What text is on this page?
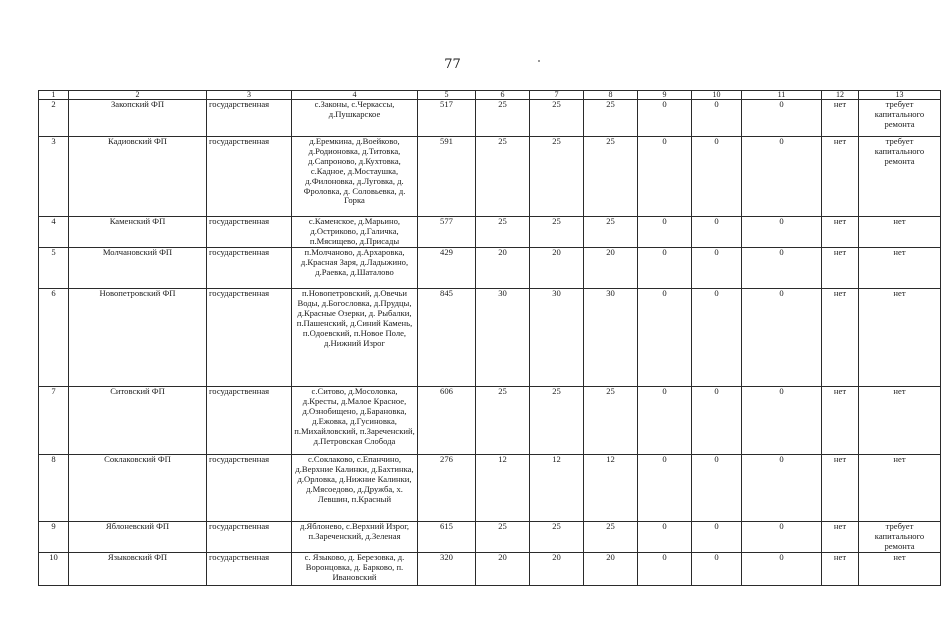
77
1	2	3	4	5	6	7	8	9	10	11	12	13
2	Закопский ФП	государственная	с.Законы, с.Черкассы, д.Пушкарское	517	25	25	25	0	0	0	нет	требует капитального ремонта
3	Кадиовский ФП	государственная	д.Еремкина, д.Воейково, д.Родионовка, д.Титовка, д.Сапроново, д.Кухтовка, с.Кадное, д.Мостаушка, д.Филоновка, д.Луговка, д. Фроловка, д. Соловьевка, д. Горка	591	25	25	25	0	0	0	нет	требует капитального ремонта
4	Каменский ФП	государственная	с.Каменское, д.Марьино, д.Остриково, д.Галичка, п.Мясищево, д.Присады	577	25	25	25	0	0	0	нет	нет
5	Молчановский ФП	государственная	п.Молчаново, д.Архаровка, д.Красная Заря, д.Ладыжино, д.Раевка, д.Шаталово	429	20	20	20	0	0	0	нет	нет
6	Новопетровский ФП	государственная	п.Новопетровский, д.Овечьи Воды, д.Богословка, д.Прудцы, д.Красные Озерки, д. Рыбалки, п.Пашенский, д.Синий Камень, п.Одоевский, п.Новое Поле, д.Нижний Изрог	845	30	30	30	0	0	0	нет	нет
7	Ситовский ФП	государственная	с.Ситово, д.Мосоловка, д.Кресты, д.Малое Красное, д.Ознобищено, д.Барановка, д.Ежовка, д.Гусиновка, п.Михайловский, п.Зареченский, д.Петровская Слобода	606	25	25	25	0	0	0	нет	нет
8	Соклаковский ФП	государственная	с.Соклаково, с.Епанчино, д.Верхние Калинки, д.Бахтинка, д.Орловка, д.Нижние Калинки, д.Мясоедово, д.Дружба, х. Левшин, п.Красный	276	12	12	12	0	0	0	нет	нет
9	Яблоневский ФП	государственная	д.Яблонево, с.Верхний Изрог, п.Зареченский, д.Зеленая	615	25	25	25	0	0	0	нет	требует капитального ремонта
10	Языковский ФП	государственная	с. Языково, д. Березовка, д. Воронцовка, д. Барково, п. Ивановский	320	20	20	20	0	0	0	нет	нет
